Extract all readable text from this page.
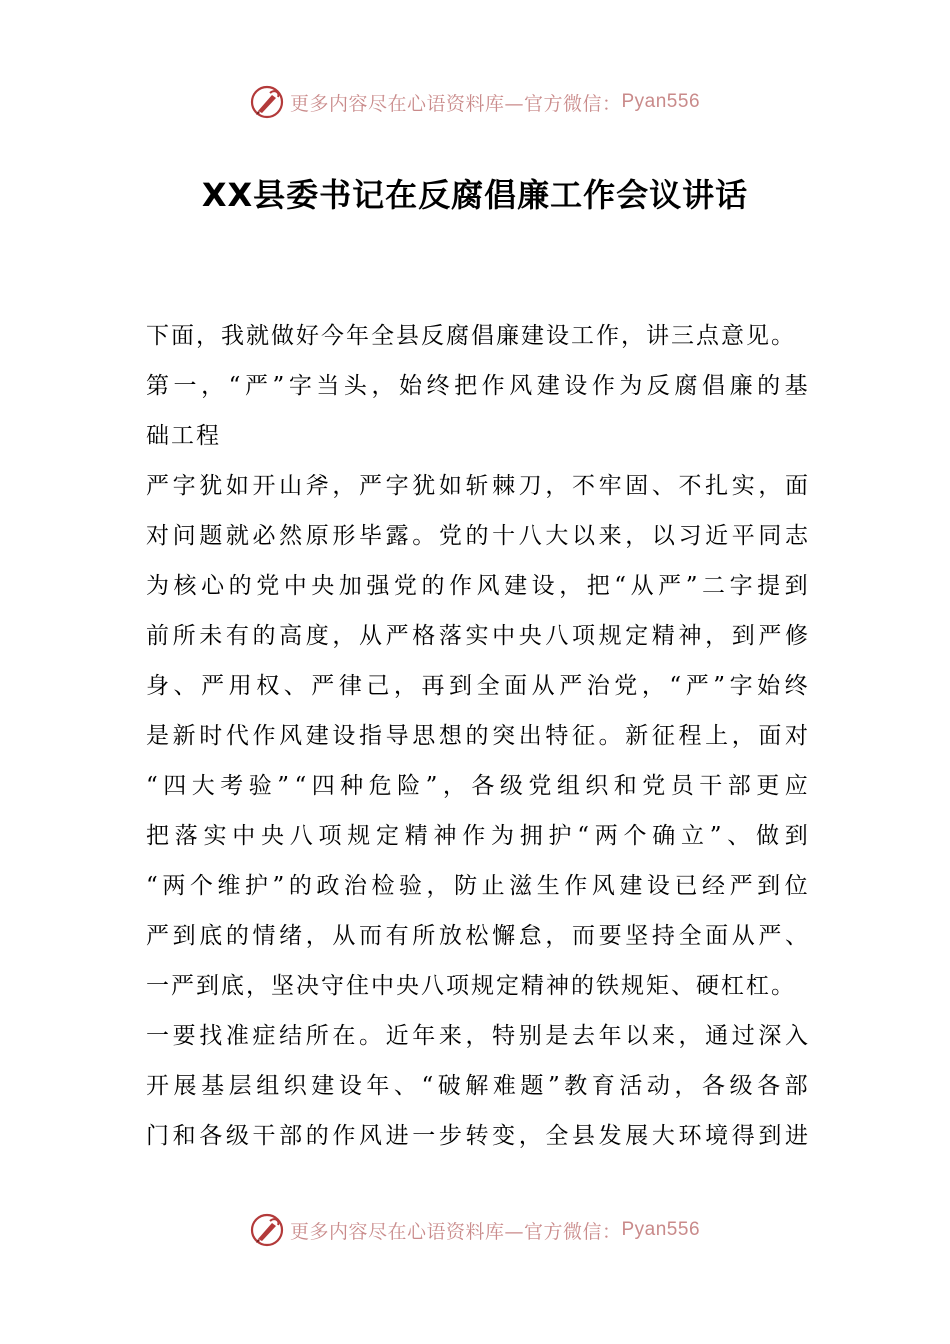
更多内容尽在心语资料库—官方微信： Pyan556
XX县委书记在反腐倡廉工作会议讲话
下面，我就做好今年全县反腐倡廉建设工作，讲三点意见。
第 一 ， “ 严 ” 字 当 头 ， 始 终 把 作 风 建 设 作 为 反 腐 倡 廉 的 基
础工程
严 字 犹 如 开 山 斧 ， 严 字 犹 如 斩 棘 刀 ， 不 牢 固 、 不 扎 实 ， 面
对 问 题 就 必 然 原 形 毕 露 。 党 的 十 八 大 以 来 ， 以 习 近 平 同 志
为 核 心 的 党 中 央 加 强 党 的 作 风 建 设 ， 把 “ 从 严 ” 二 字 提 到
前 所 未 有 的 高 度 ， 从 严 格 落 实 中 央 八 项 规 定 精 神 ， 到 严 修
身 、 严 用 权 、 严 律 己 ， 再 到 全 面 从 严 治 党 ， “ 严 ” 字 始 终
是 新 时 代 作 风 建 设 指 导 思 想 的 突 出 特 征 。 新 征 程 上 ， 面 对
“ 四 大 考 验 ” “ 四 种 危 险 ” ， 各 级 党 组 织 和 党 员 干 部 更 应
把 落 实 中 央 八 项 规 定 精 神 作 为 拥 护 “ 两 个 确 立 ” 、 做 到
“ 两 个 维 护 ” 的 政 治 检 验 ， 防 止 滋 生 作 风 建 设 已 经 严 到 位
严 到 底 的 情 绪 ， 从 而 有 所 放 松 懈 怠 ， 而 要 坚 持 全 面 从 严 、
一严到底，坚决守住中央八项规定精神的铁规矩、硬杠杠。
一 要 找 准 症 结 所 在 。 近 年 来 ， 特 别 是 去 年 以 来 ， 通 过 深 入
开 展 基 层 组 织 建 设 年 、 “ 破 解 难 题 ” 教 育 活 动 ， 各 级 各 部
门 和 各 级 干 部 的 作 风 进 一 步 转 变 ， 全 县 发 展 大 环 境 得 到 进
更多内容尽在心语资料库—官方微信： Pyan556
